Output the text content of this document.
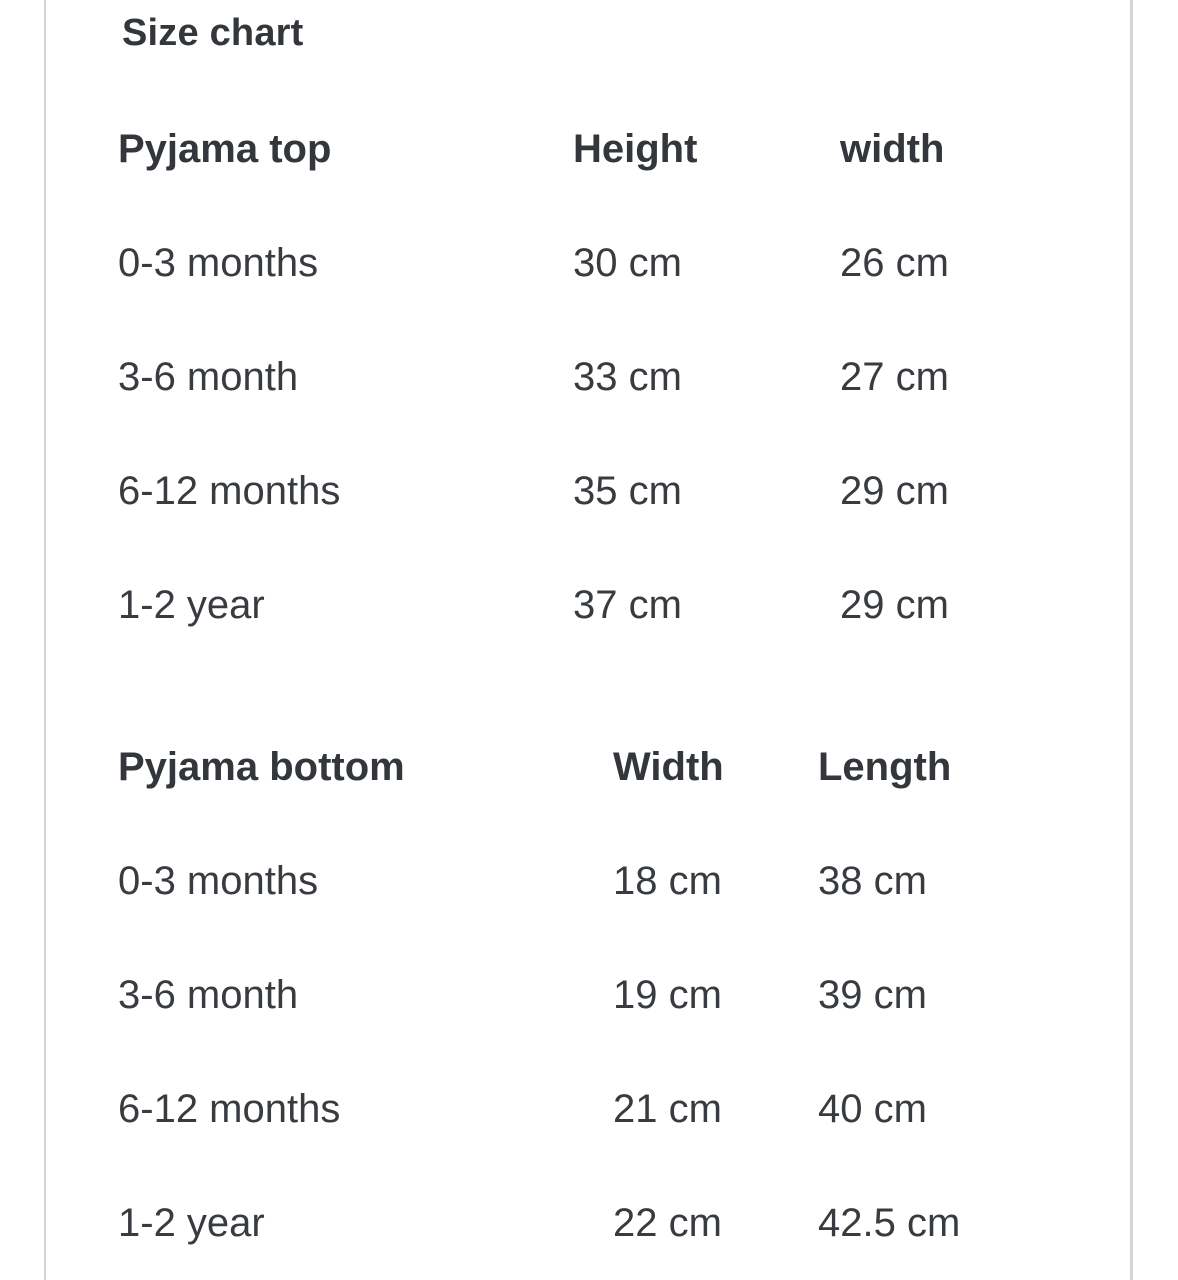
Size chart
Pyjama top	Height	width
0-3 months	30 cm	26 cm
3-6 month	33 cm	27 cm
6-12 months	35 cm	29 cm
1-2 year	37 cm	29 cm
Pyjama bottom	Width	Length
0-3 months	18 cm	38 cm
3-6 month	19 cm	39 cm
6-12 months	21 cm	40 cm
1-2 year	22 cm	42.5 cm
